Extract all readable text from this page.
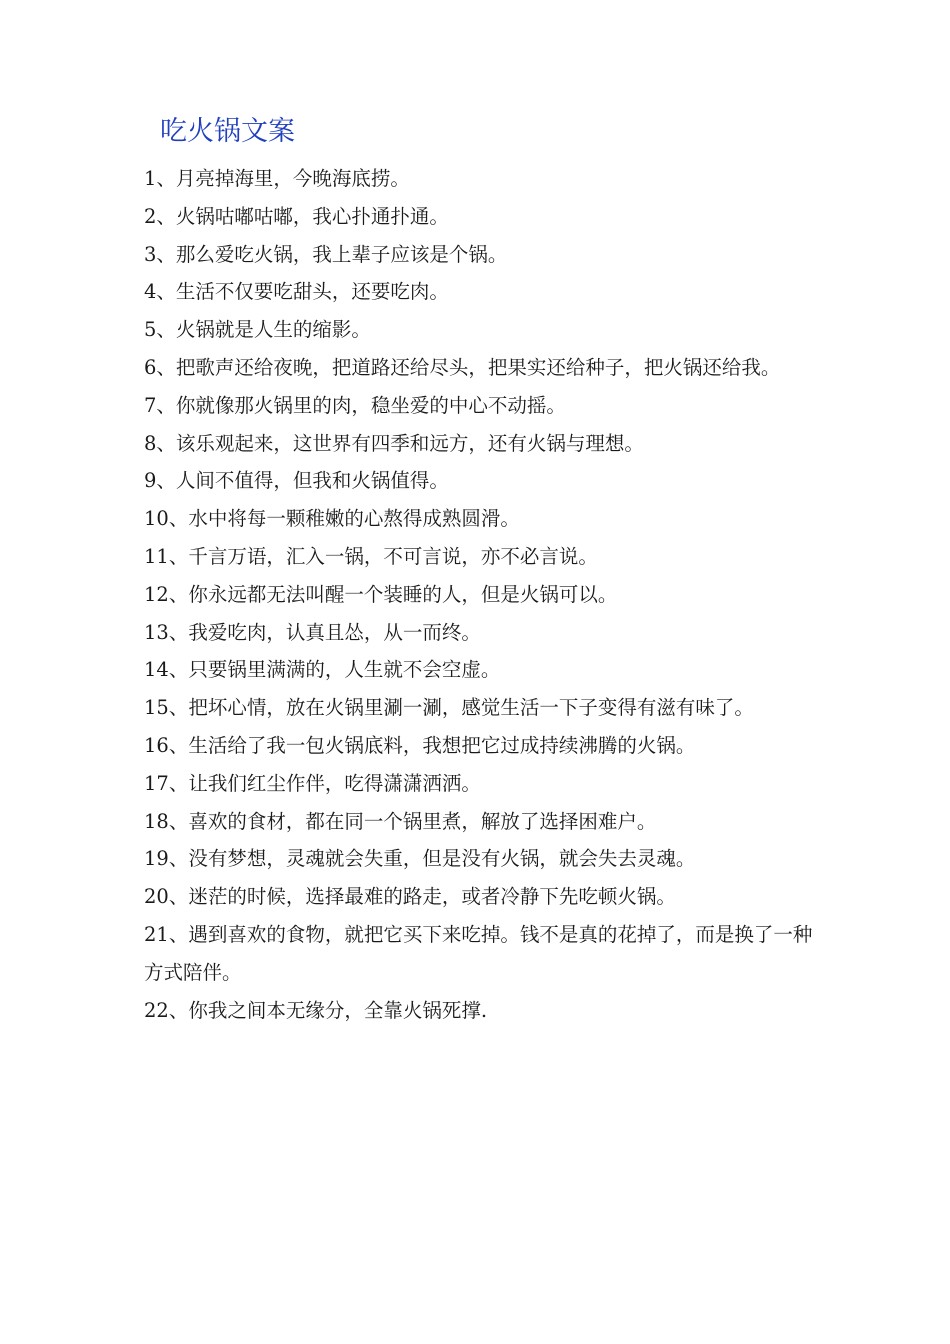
吃火锅文案
1、月亮掉海里，今晚海底捞。
2、火锅咕嘟咕嘟，我心扑通扑通。
3、那么爱吃火锅，我上辈子应该是个锅。
4、生活不仅要吃甜头，还要吃肉。
5、火锅就是人生的缩影。
6、把歌声还给夜晚，把道路还给尽头，把果实还给种子，把火锅还给我。
7、你就像那火锅里的肉，稳坐爱的中心不动摇。
8、该乐观起来，这世界有四季和远方，还有火锅与理想。
9、人间不值得，但我和火锅值得。
10、水中将每一颗稚嫩的心熬得成熟圆滑。
11、千言万语，汇入一锅，不可言说，亦不必言说。
12、你永远都无法叫醒一个装睡的人，但是火锅可以。
13、我爱吃肉，认真且怂，从一而终。
14、只要锅里满满的，人生就不会空虚。
15、把坏心情，放在火锅里涮一涮，感觉生活一下子变得有滋有味了。
16、生活给了我一包火锅底料，我想把它过成持续沸腾的火锅。
17、让我们红尘作伴，吃得潇潇洒洒。
18、喜欢的食材，都在同一个锅里煮，解放了选择困难户。
19、没有梦想，灵魂就会失重，但是没有火锅，就会失去灵魂。
20、迷茫的时候，选择最难的路走，或者冷静下先吃顿火锅。
21、遇到喜欢的食物，就把它买下来吃掉。钱不是真的花掉了，而是换了一种方式陪伴。
22、你我之间本无缘分，全靠火锅死撑.
